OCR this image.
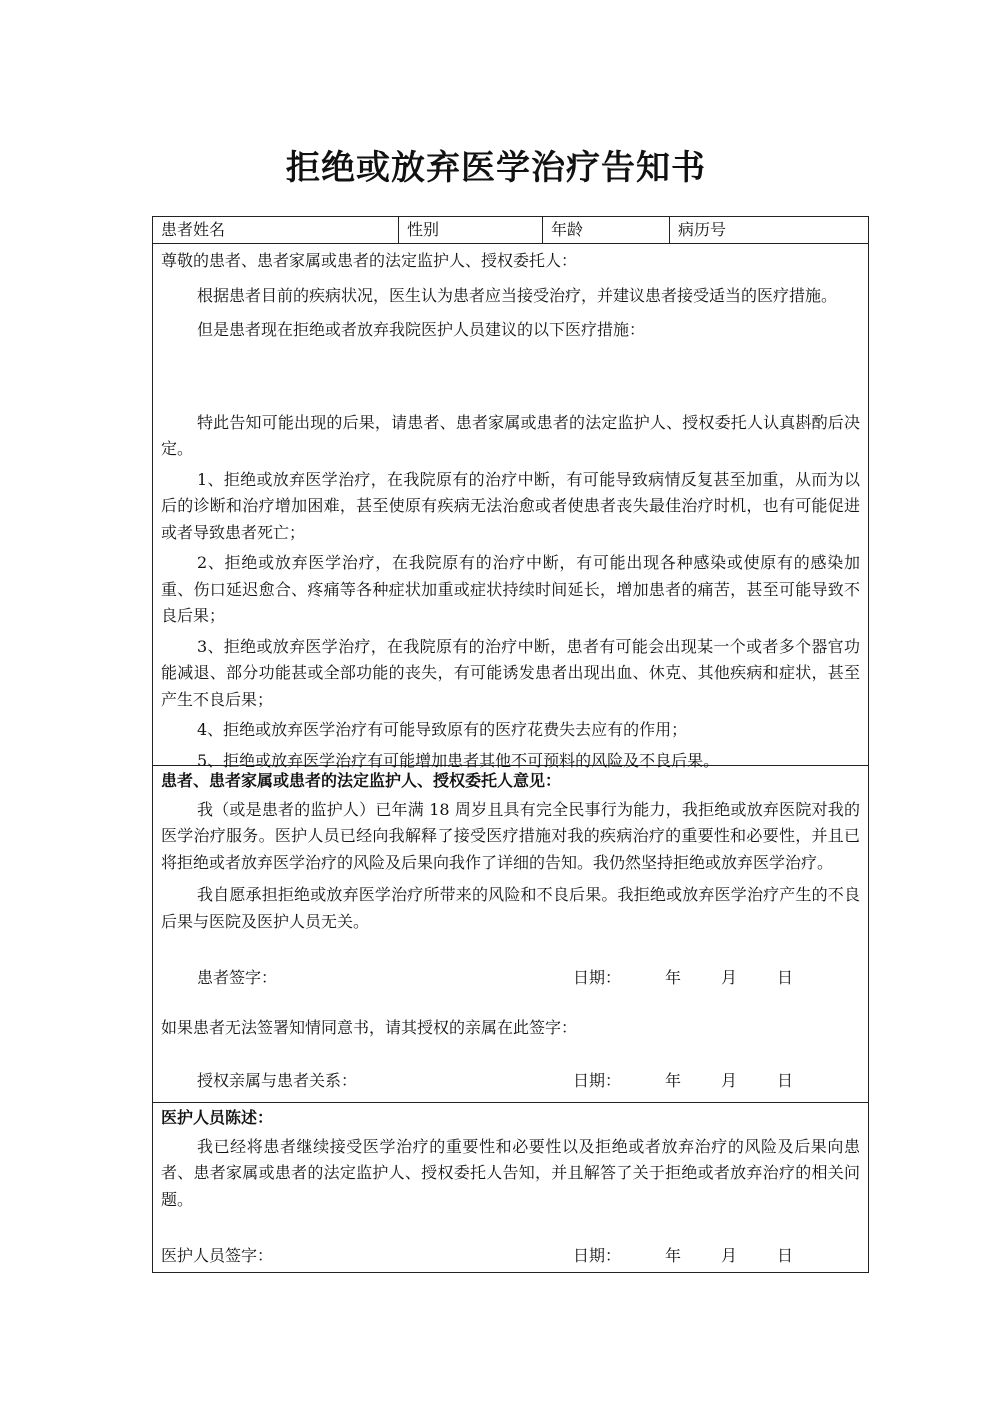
拒绝或放弃医学治疗告知书
患者姓名	性别	年龄	病历号

尊敬的患者、患者家属或患者的法定监护人、授权委托人：

根据患者目前的疾病状况，医生认为患者应当接受治疗，并建议患者接受适当的医疗措施。

但是患者现在拒绝或者放弃我院医护人员建议的以下医疗措施：

特此告知可能出现的后果，请患者、患者家属或患者的法定监护人、授权委托人认真斟酌后决定。

1、拒绝或放弃医学治疗，在我院原有的治疗中断，有可能导致病情反复甚至加重，从而为以后的诊断和治疗增加困难，甚至使原有疾病无法治愈或者使患者丧失最佳治疗时机，也有可能促进或者导致患者死亡；

2、拒绝或放弃医学治疗，在我院原有的治疗中断，有可能出现各种感染或使原有的感染加重、伤口延迟愈合、疼痛等各种症状加重或症状持续时间延长，增加患者的痛苦，甚至可能导致不良后果；

3、拒绝或放弃医学治疗，在我院原有的治疗中断，患者有可能会出现某一个或者多个器官功能减退、部分功能甚或全部功能的丧失，有可能诱发患者出现出血、休克、其他疾病和症状，甚至产生不良后果；

4、拒绝或放弃医学治疗有可能导致原有的医疗花费失去应有的作用；

5、拒绝或放弃医学治疗有可能增加患者其他不可预料的风险及不良后果。

患者、患者家属或患者的法定监护人、授权委托人意见：

我（或是患者的监护人）已年满 18 周岁且具有完全民事行为能力，我拒绝或放弃医院对我的医学治疗服务。医护人员已经向我解释了接受医疗措施对我的疾病治疗的重要性和必要性，并且已将拒绝或者放弃医学治疗的风险及后果向我作了详细的告知。我仍然坚持拒绝或放弃医学治疗。

我自愿承担拒绝或放弃医学治疗所带来的风险和不良后果。我拒绝或放弃医学治疗产生的不良后果与医院及医护人员无关。

患者签字：	日期：	年 月 日

如果患者无法签署知情同意书，请其授权的亲属在此签字：

授权亲属与患者关系：	日期：	年 月 日

医护人员陈述：

我已经将患者继续接受医学治疗的重要性和必要性以及拒绝或者放弃治疗的风险及后果向患者、患者家属或患者的法定监护人、授权委托人告知，并且解答了关于拒绝或者放弃治疗的相关问题。

医护人员签字：	日期：	年 月 日
